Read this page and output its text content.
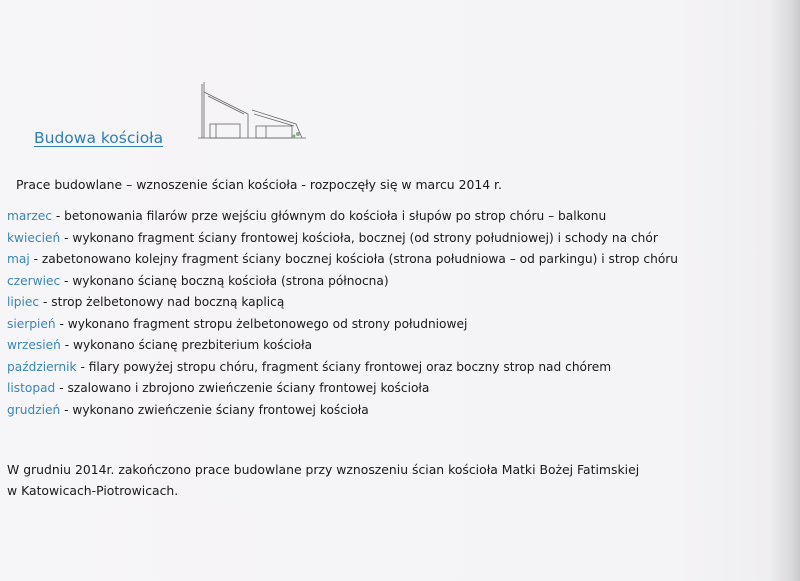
Budowa kościoła
Prace budowlane – wznoszenie ścian kościoła - rozpoczęły się w marcu 2014 r.
marzec - betonowania filarów prze wejściu głównym do kościoła i słupów po strop chóru – balkonu
kwiecień - wykonano fragment ściany frontowej kościoła, bocznej (od strony południowej) i schody na chór
maj - zabetonowano kolejny fragment ściany bocznej kościoła (strona południowa – od parkingu) i strop chóru
czerwiec - wykonano ścianę boczną kościoła (strona północna)
lipiec - strop żelbetonowy nad boczną kaplicą
sierpień - wykonano fragment stropu żelbetonowego od strony południowej
wrzesień - wykonano ścianę prezbiterium kościoła
październik - filary powyżej stropu chóru, fragment ściany frontowej oraz boczny strop nad chórem
listopad - szalowano i zbrojono zwieńczenie ściany frontowej kościoła
grudzień - wykonano zwieńczenie ściany frontowej kościoła
W grudniu 2014r. zakończono prace budowlane przy wznoszeniu ścian kościoła Matki Bożej Fatimskiej
w Katowicach-Piotrowicach.
